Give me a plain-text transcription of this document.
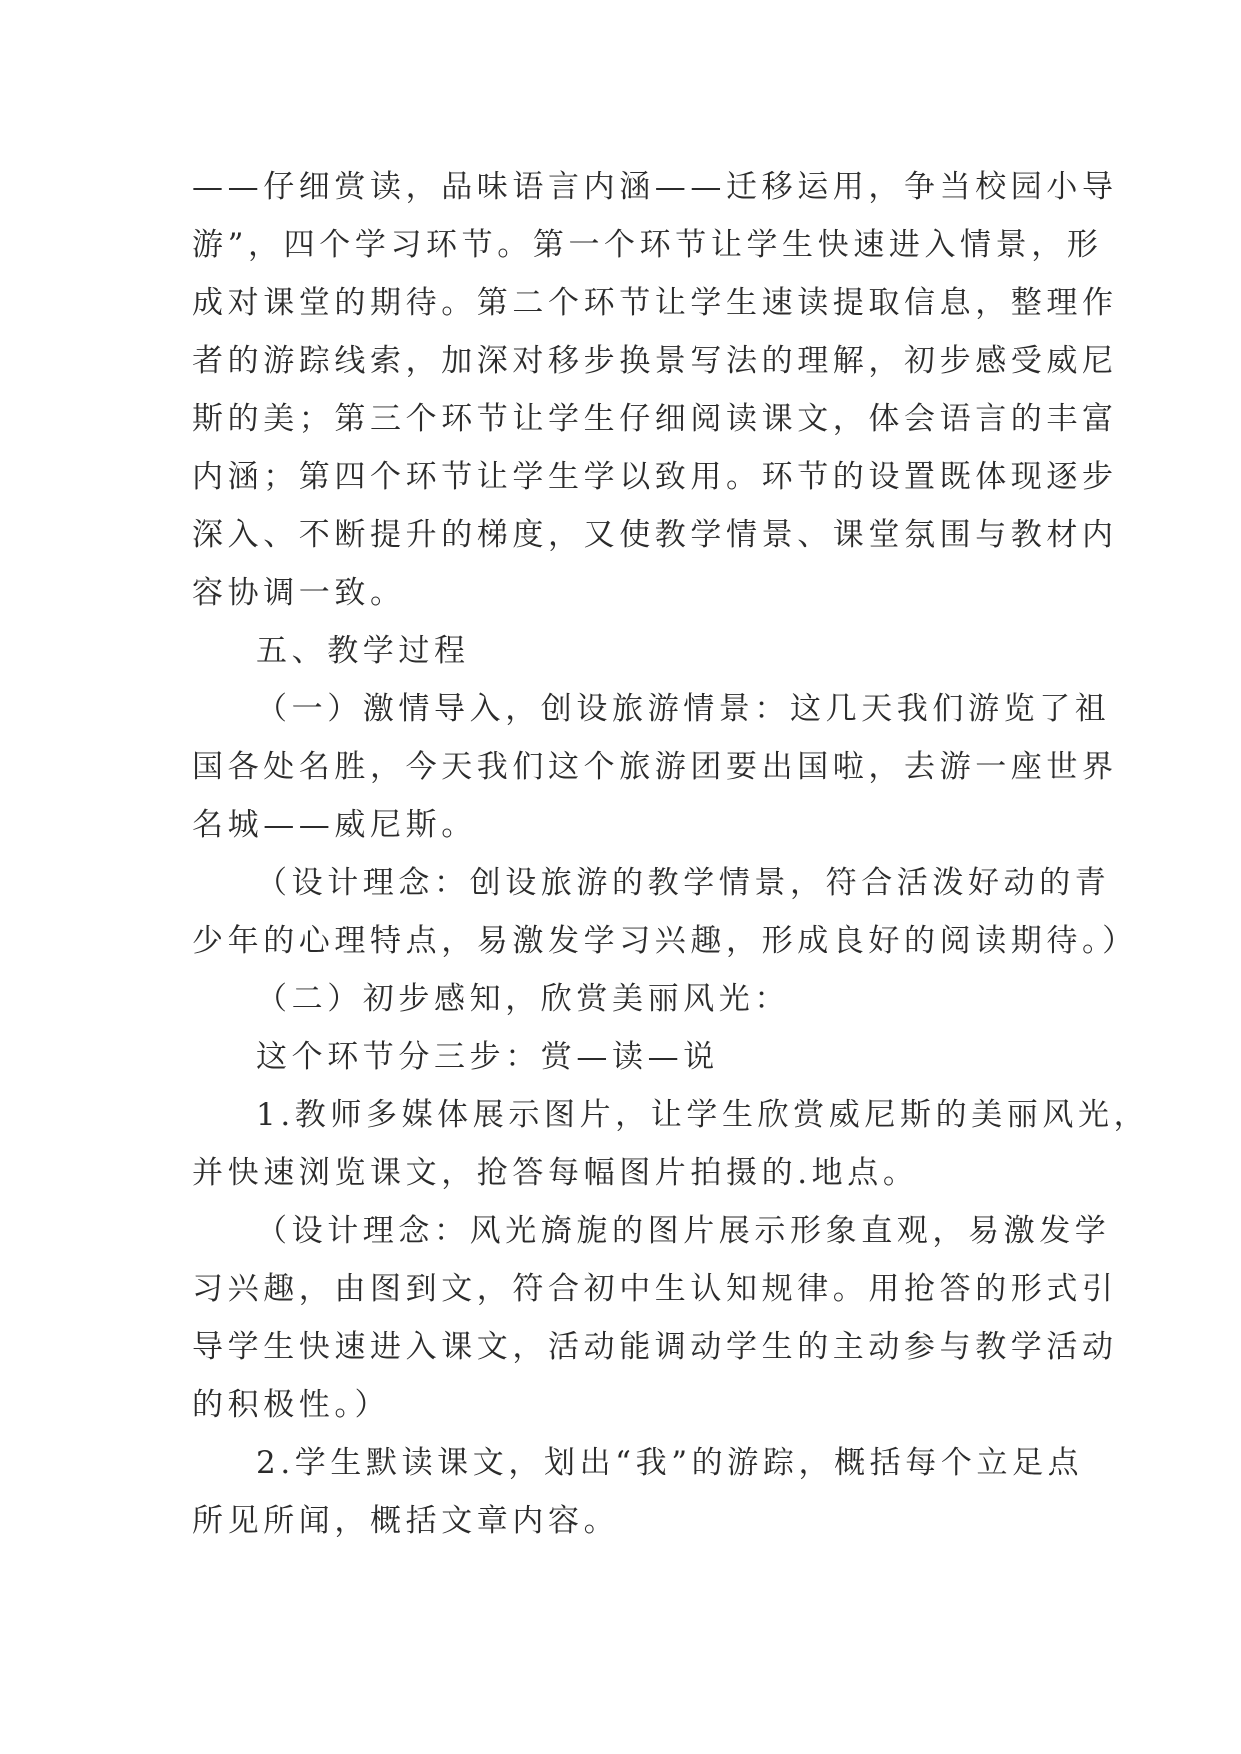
——仔细赏读，品味语言内涵——迁移运用，争当校园小导

游”，四个学习环节。第一个环节让学生快速进入情景，形

成对课堂的期待。第二个环节让学生速读提取信息，整理作

者的游踪线索，加深对移步换景写法的理解，初步感受威尼

斯的美；第三个环节让学生仔细阅读课文，体会语言的丰富

内涵；第四个环节让学生学以致用。环节的设置既体现逐步

深入、不断提升的梯度，又使教学情景、课堂氛围与教材内

容协调一致。

五、教学过程

（一）激情导入，创设旅游情景：这几天我们游览了祖

国各处名胜，今天我们这个旅游团要出国啦，去游一座世界

名城——威尼斯。

（设计理念：创设旅游的教学情景，符合活泼好动的青

少年的心理特点，易激发学习兴趣，形成良好的阅读期待。）

（二）初步感知，欣赏美丽风光：

这个环节分三步：赏—读—说

1.教师多媒体展示图片，让学生欣赏威尼斯的美丽风光，

并快速浏览课文，抢答每幅图片拍摄的.地点。

（设计理念：风光旖旎的图片展示形象直观，易激发学

习兴趣，由图到文，符合初中生认知规律。用抢答的形式引

导学生快速进入课文，活动能调动学生的主动参与教学活动

的积极性。）

2.学生默读课文，划出“我”的游踪，概括每个立足点

所见所闻，概括文章内容。
